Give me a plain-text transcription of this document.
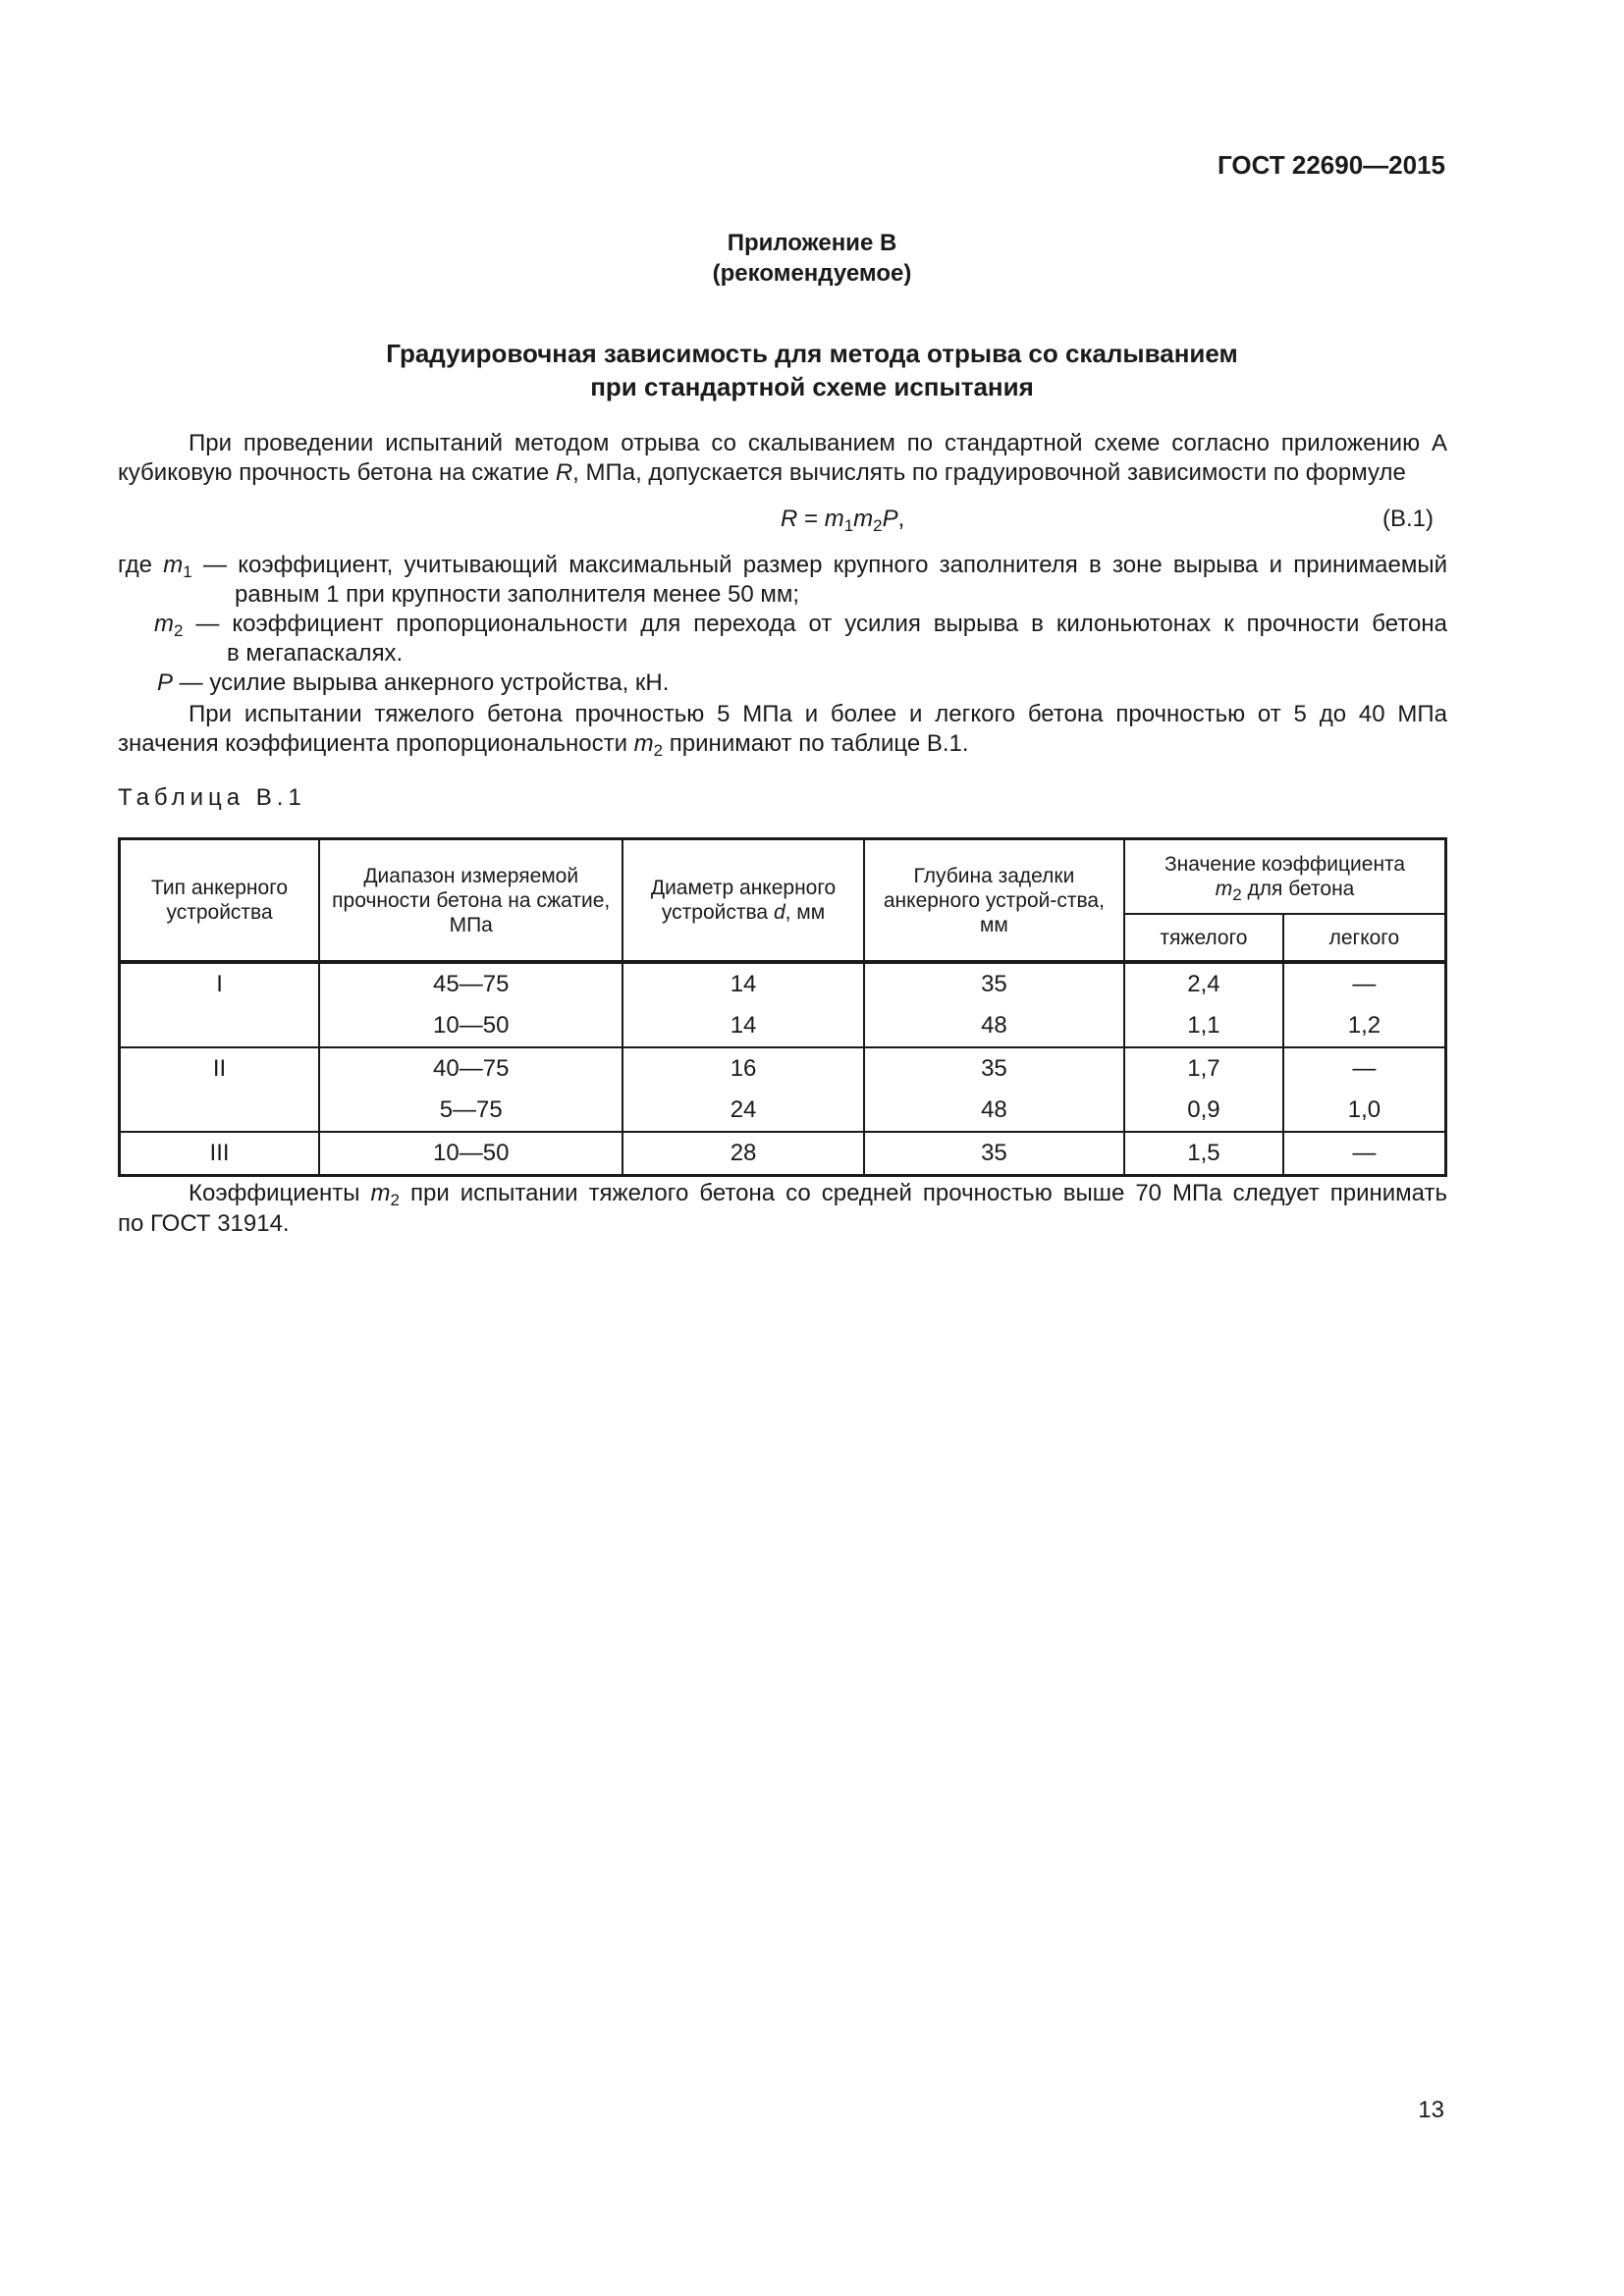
ГОСТ 22690—2015
Приложение В
(рекомендуемое)
Градуировочная зависимость для метода отрыва со скалыванием
при стандартной схеме испытания
При проведении испытаний методом отрыва со скалыванием по стандартной схеме согласно приложению А
кубиковую прочность бетона на сжатие R, МПа, допускается вычислять по градуировочной зависимости по формуле
$R = m_1m_2P$,	(В.1)
где $m_1$ — коэффициент, учитывающий максимальный размер крупного заполнителя в зоне вырыва и принимаемый
равным 1 при крупности заполнителя менее 50 мм;
$m_2$ — коэффициент пропорциональности для перехода от усилия вырыва в килоньютонах к прочности бетона
в мегапаскалях.
P — усилие вырыва анкерного устройства, кН.
При испытании тяжелого бетона прочностью 5 МПа и более и легкого бетона прочностью от 5 до 40 МПа
значения коэффициента пропорциональности $m_2$ принимают по таблице В.1.
Таблица В.1
Тип анкерного устройства	Диапазон измеряемой прочности бетона на сжатие, МПа	Диаметр анкерного устройства d, мм	Глубина заделки анкерного устрой-ства, мм	Значение коэффициента
$m_2$ для бетона	
				тяжелого	легкого
I	45—75	14	35	2,4	—
	10—50	14	48	1,1	1,2
II	40—75	16	35	1,7	—
	5—75	24	48	0,9	1,0
III	10—50	28	35	1,5	—
Коэффициенты $m_2$ при испытании тяжелого бетона со средней прочностью выше 70 МПа следует принимать
по ГОСТ 31914.
13
